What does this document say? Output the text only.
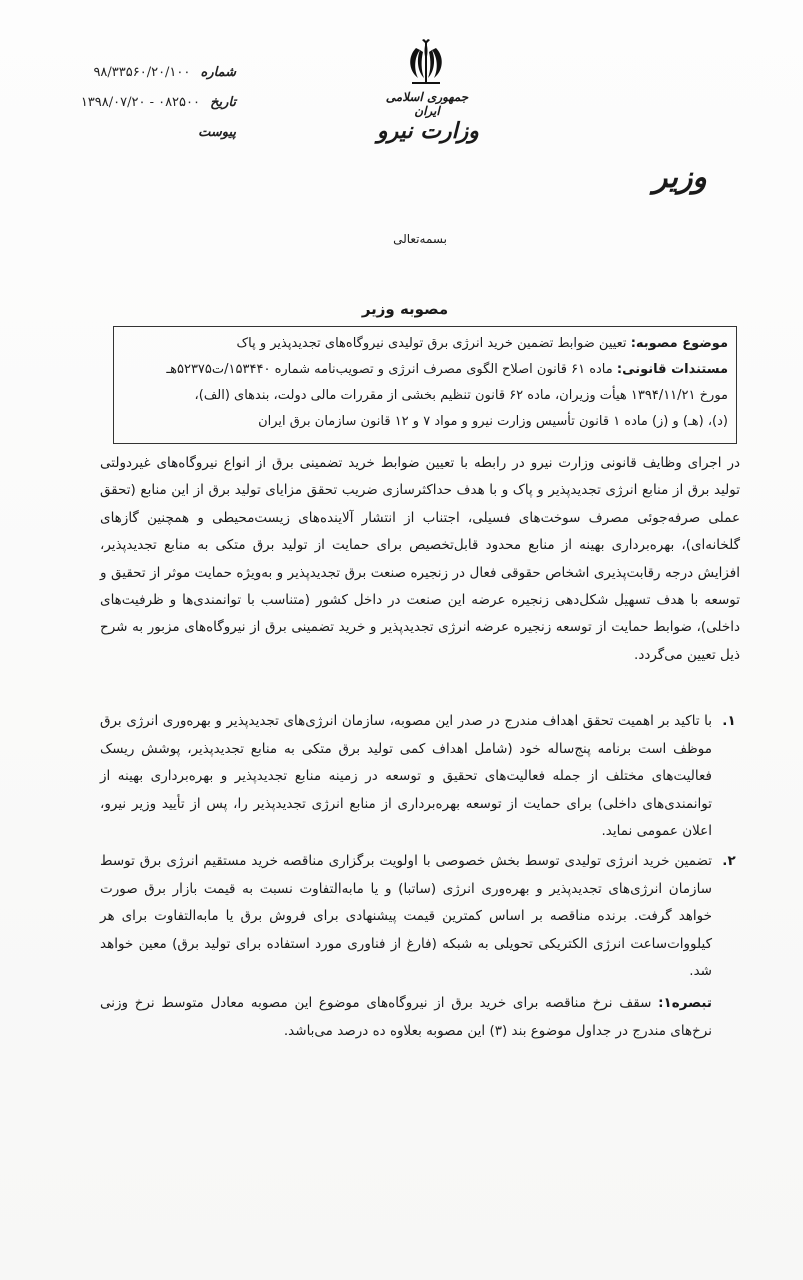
شماره ۹۸/۳۳۵۶۰/۲۰/۱۰۰
تاریخ ۱۳۹۸/۰۷/۲۰ - ۰۸۲۵۰۰
پیوست
جمهوری اسلامی ایران
وزارت نیرو
وزیر
بسمه‌تعالی
مصوبه وزیر
موضوع مصوبه: تعیین ضوابط تضمین خرید انرژی برق تولیدی نیروگاه‌های تجدیدپذیر و پاک
مستندات قانونی: ماده ۶۱ قانون اصلاح الگوی مصرف انرژی و تصویب‌نامه شماره ۱۵۳۴۴۰/ت۵۲۳۷۵هـ
مورخ ۱۳۹۴/۱۱/۲۱ هیأت وزیران، ماده ۶۲ قانون تنظیم بخشی از مقررات مالی دولت، بندهای (الف)،
(د)، (هـ) و (ز) ماده ۱ قانون تأسیس وزارت نیرو و مواد ۷ و ۱۲ قانون سازمان برق ایران
در اجرای وظایف قانونی وزارت نیرو در رابطه با تعیین ضوابط خرید تضمینی برق از انواع نیروگاه‌های غیردولتی تولید برق از منابع انرژی تجدیدپذیر و پاک و با هدف حداکثرسازی ضریب تحقق مزایای تولید برق از این منابع (تحقق عملی صرفه‌جوئی مصرف سوخت‌های فسیلی، اجتناب از انتشار آلاینده‌های زیست‌محیطی و همچنین گازهای گلخانه‌ای)، بهره‌برداری بهینه از منابع محدود قابل‌تخصیص برای حمایت از تولید برق متکی به منابع تجدیدپذیر، افزایش درجه رقابت‌پذیری اشخاص حقوقی فعال در زنجیره صنعت برق تجدیدپذیر و به‌ویژه حمایت موثر از تحقیق و توسعه با هدف تسهیل شکل‌دهی زنجیره عرضه این صنعت در داخل کشور (متناسب با توانمندی‌ها و ظرفیت‌های داخلی)، ضوابط حمایت از توسعه زنجیره عرضه انرژی تجدیدپذیر و خرید تضمینی برق از نیروگاه‌های مزبور به شرح ذیل تعیین می‌گردد.
۱.
با تاکید بر اهمیت تحقق اهداف مندرج در صدر این مصوبه، سازمان انرژی‌های تجدیدپذیر و بهره‌وری انرژی برق موظف است برنامه پنج‌ساله خود (شامل اهداف کمی تولید برق متکی به منابع تجدیدپذیر، پوشش ریسک فعالیت‌های مختلف از جمله فعالیت‌های تحقیق و توسعه در زمینه منابع تجدیدپذیر و بهره‌برداری بهینه از توانمندی‌های داخلی) برای حمایت از توسعه بهره‌برداری از منابع انرژی تجدیدپذیر را، پس از تأیید وزیر نیرو، اعلان عمومی نماید.
۲.
تضمین خرید انرژی تولیدی توسط بخش خصوصی با اولویت برگزاری مناقصه خرید مستقیم انرژی برق توسط سازمان انرژی‌های تجدیدپذیر و بهره‌وری انرژی (ساتبا) و یا مابه‌التفاوت نسبت به قیمت بازار برق صورت خواهد گرفت. برنده مناقصه بر اساس کمترین قیمت پیشنهادی برای فروش برق یا مابه‌التفاوت برای هر کیلووات‌ساعت انرژی الکتریکی تحویلی به شبکه (فارغ از فناوری مورد استفاده برای تولید برق) معین خواهد شد.
تبصره۱: سقف نرخ مناقصه برای خرید برق از نیروگاه‌های موضوع این مصوبه معادل متوسط نرخ وزنی نرخ‌های مندرج در جداول موضوع بند (۳) این مصوبه بعلاوه ده درصد می‌باشد.
